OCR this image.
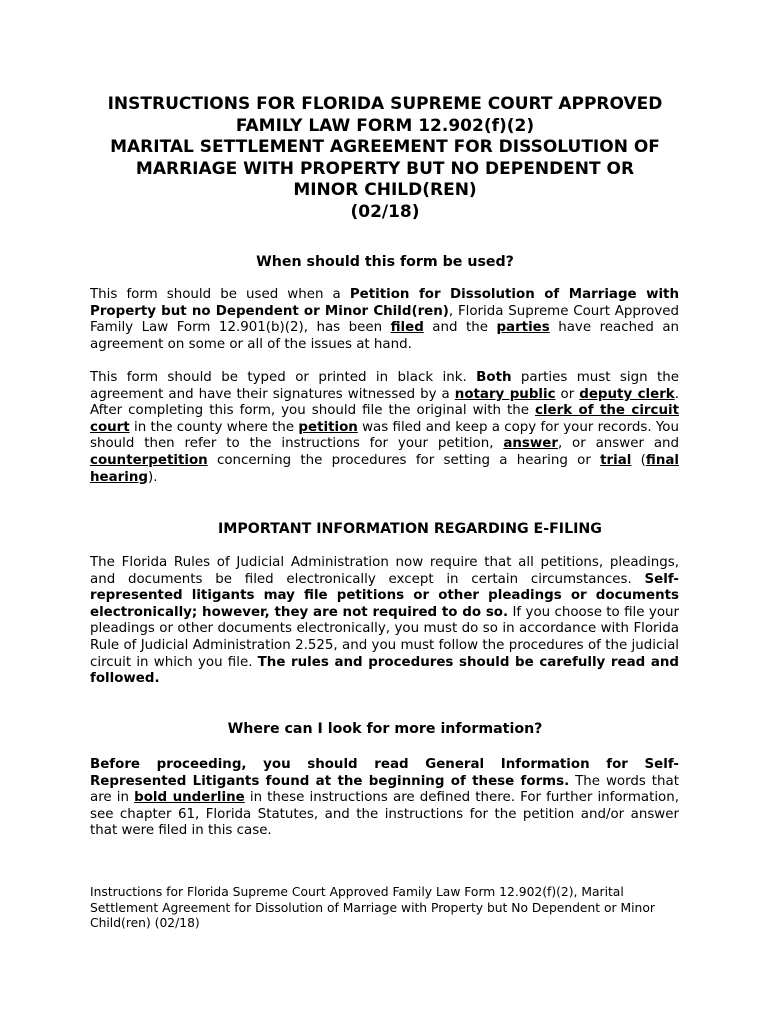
INSTRUCTIONS FOR FLORIDA SUPREME COURT APPROVED
FAMILY LAW FORM 12.902(f)(2)
MARITAL SETTLEMENT AGREEMENT FOR DISSOLUTION OF
MARRIAGE WITH PROPERTY BUT NO DEPENDENT OR
MINOR CHILD(REN)
(02/18)
When should this form be used?
This form should be used when a Petition for Dissolution of Marriage with Property but no Dependent or Minor Child(ren), Florida Supreme Court Approved Family Law Form 12.901(b)(2), has been filed and the parties have reached an agreement on some or all of the issues at hand.
This form should be typed or printed in black ink. Both parties must sign the agreement and have their signatures witnessed by a notary public or deputy clerk. After completing this form, you should file the original with the clerk of the circuit court in the county where the petition was filed and keep a copy for your records. You should then refer to the instructions for your petition, answer, or answer and counterpetition concerning the procedures for setting a hearing or trial (final hearing).
IMPORTANT INFORMATION REGARDING E-FILING
The Florida Rules of Judicial Administration now require that all petitions, pleadings, and documents be filed electronically except in certain circumstances. Self-represented litigants may file petitions or other pleadings or documents electronically; however, they are not required to do so. If you choose to file your pleadings or other documents electronically, you must do so in accordance with Florida Rule of Judicial Administration 2.525, and you must follow the procedures of the judicial circuit in which you file. The rules and procedures should be carefully read and followed.
Where can I look for more information?
Before proceeding, you should read General Information for Self-Represented Litigants found at the beginning of these forms. The words that are in bold underline in these instructions are defined there. For further information, see chapter 61, Florida Statutes, and the instructions for the petition and/or answer that were filed in this case.
Instructions for Florida Supreme Court Approved Family Law Form 12.902(f)(2), Marital Settlement Agreement for Dissolution of Marriage with Property but No Dependent or Minor Child(ren) (02/18)
